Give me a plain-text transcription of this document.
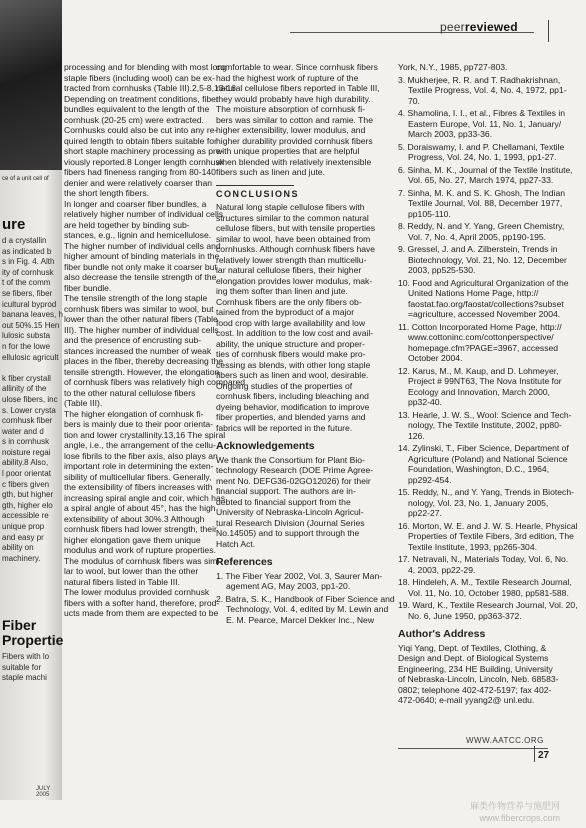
ce of a unit cell of
ure
d a crystallin
as indicated b
s in Fig. 4. Alth
ity of cornhusk
t of the comm
se fibers, fiber
icultural byprod
banana leaves, h
out 50%.15 Hen
lulosic substa
n for the lowe
ellulosic agricult

k fiber crystall
allinity of the
ulose fibers, inc
s. Lower crysta
cornhusk fiber
water and d
s in cornhusk
noisture regai
ability.8 Also,
l poor orientat
c fibers given
gth, but higher
gth, higher elo
accessible re
unique prop
and easy pr
ability on
machinery.
Fiber Propertie
Fibers with lo
suitable for
staple machi
JULY 2005
peerreviewed
processing and for blending with most long
staple fibers (including wool) can be ex-
tracted from cornhusks (Table III).2,5-8,13-16
Depending on treatment conditions, fiber
bundles equivalent to the length of the
cornhusk (20-25 cm) were extracted.
Cornhusks could also be cut into any re-
quired length to obtain fibers suitable for
short staple machinery processing as pre-
viously reported.8 Longer length cornhusk
fibers had fineness ranging from 80-140
denier and were relatively coarser than
the short length fibers.
In longer and coarser fiber bundles, a
relatively higher number of individual cells
are held together by binding sub-
stances, e.g., lignin and hemicellulose.
The higher number of individual cells and
higher amount of binding materials in the
fiber bundle not only make it coarser but
also decrease the tensile strength of the
fiber bundle.
The tensile strength of the long staple
cornhusk fibers was similar to wool, but
lower than the other natural fibers (Table
III). The higher number of individual cells
and the presence of encrusting sub-
stances increased the number of weak
places in the fiber, thereby decreasing the
tensile strength. However, the elongation
of cornhusk fibers was relatively high compared
to the other natural cellulose fibers
(Table III).
The higher elongation of cornhusk fi-
bers is mainly due to their poor orienta-
tion and lower crystallinity.13,16 The spiral
angle, i.e., the arrangement of the cellu-
lose fibrils to the fiber axis, also plays an
important role in determining the exten-
sibility of multicellular fibers. Generally,
the extensibility of fibers increases with
increasing spiral angle and coir, which has
a spiral angle of about 45°, has the high
extensibility of about 30%.3 Although
cornhusk fibers had lower strength, their
higher elongation gave them unique
modulus and work of rupture properties.
The modulus of cornhusk fibers was simi-
lar to wool, but lower than the other
natural fibers listed in Table III.
The lower modulus provided cornhusk
fibers with a softer hand, therefore, prod-
ucts made from them are expected to be
comfortable to wear. Since cornhusk fibers
had the highest work of rupture of the
natural cellulose fibers reported in Table III,
they would probably have high durability.
The moisture absorption of cornhusk fi-
bers was similar to cotton and ramie. The
higher extensibility, lower modulus, and
higher durability provided cornhusk fibers
with unique properties that are helpful
when blended with relatively inextensible
fibers such as linen and jute.
CONCLUSIONS
Natural long staple cellulose fibers with
structures similar to the common natural
cellulose fibers, but with tensile properties
similar to wool, have been obtained from
cornhusks. Although cornhusk fibers have
relatively lower strength than multicellu-
lar natural cellulose fibers, their higher
elongation provides lower modulus, mak-
ing them softer than linen and jute.
Cornhusk fibers are the only fibers ob-
tained from the byproduct of a major
food crop with large availability and low
cost. In addition to the low cost and avail-
ability, the unique structure and proper-
ties of cornhusk fibers would make pro-
cessing as blends, with other long staple
fibers such as linen and wool, desirable.
Ongoing studies of the properties of
cornhusk fibers, including bleaching and
dyeing behavior, modification to improve
fiber properties, and blended yarns and
fabrics will be reported in the future.
Acknowledgements
We thank the Consortium for Plant Bio-
technology Research (DOE Prime Agree-
ment No. DEFG36-02GO12026) for their
financial support. The authors are in-
debted to financial support from the
University of Nebraska-Lincoln Agricul-
tural Research Division (Journal Series
No.14505) and to support through the
Hatch Act.
References
1. The Fiber Year 2002, Vol. 3, Saurer Man-
agement AG, May 2003, pp1-20.
2. Batra, S. K., Handbook of Fiber Science and
Technology, Vol. 4, edited by M. Lewin and
E. M. Pearce, Marcel Dekker Inc., New
York, N.Y., 1985, pp727-803.
3. Mukherjee, R. R. and T. Radhakrishnan,
Textile Progress, Vol. 4, No. 4, 1972, pp1-
70.
4. Shamolina, I. I., et al., Fibres & Textiles in
Eastern Europe, Vol. 11, No. 1, January/
March 2003, pp33-36.
5. Doraiswamy, I. and P. Chellamani, Textile
Progress, Vol. 24, No. 1, 1993, pp1-27.
6. Sinha, M. K., Journal of the Textile Institute,
Vol. 65, No. 27, March 1974, pp27-33.
7. Sinha, M. K. and S. K. Ghosh, The Indian
Textile Journal, Vol. 88, December 1977,
pp105-110.
8. Reddy, N. and Y. Yang, Green Chemistry,
Vol. 7, No. 4, April 2005, pp190-195.
9. Gressel, J. and A. Zilberstein, Trends in
Biotechnology, Vol. 21, No. 12, December
2003, pp525-530.
10. Food and Agricultural Organization of the
United Nations Home Page, http://
faostat.fao.org/faostat/collections?subset
=agriculture, accessed November 2004.
11. Cotton Incorporated Home Page, http://
www.cottoninc.com/cottonperspective/
homepage.cfm?PAGE=3967, accessed
October 2004.
12. Karus, M., M. Kaup, and D. Lohmeyer,
Project # 99NT63, The Nova Institute for
Ecology and Innovation, March 2000,
pp32-40.
13. Hearle, J. W. S., Wool: Science and Tech-
nology, The Textile Institute, 2002, pp80-
126.
14. Zylinski, T., Fiber Science, Department of
Agriculture (Poland) and National Science
Foundation, Washington, D.C., 1964,
pp292-454.
15. Reddy, N., and Y. Yang, Trends in Biotech-
nology, Vol. 23, No. 1, January 2005,
pp22-27.
16. Morton, W. E. and J. W. S. Hearle, Physical
Properties of Textile Fibers, 3rd edition, The
Textile Institute, 1993, pp265-304.
17. Netravali, N., Materials Today, Vol. 6, No.
4, 2003, pp22-29.
18. Hindeleh, A. M., Textile Research Journal,
Vol. 11, No. 10, October 1980, pp581-588.
19. Ward, K., Textile Research Journal, Vol. 20,
No. 6, June 1950, pp363-372.
Author's Address
Yiqi Yang, Dept. of Textiles, Clothing, &
Design and Dept. of Biological Systems
Engineering, 234 HE Building, University
of Nebraska-Lincoln, Lincoln, Neb. 68583-
0802; telephone 402-472-5197; fax 402-
472-0640; e-mail yyang2@ unl.edu.
WWW.AATCC.ORG
27
麻类作物营养与施肥网
www.fibercrops.com
